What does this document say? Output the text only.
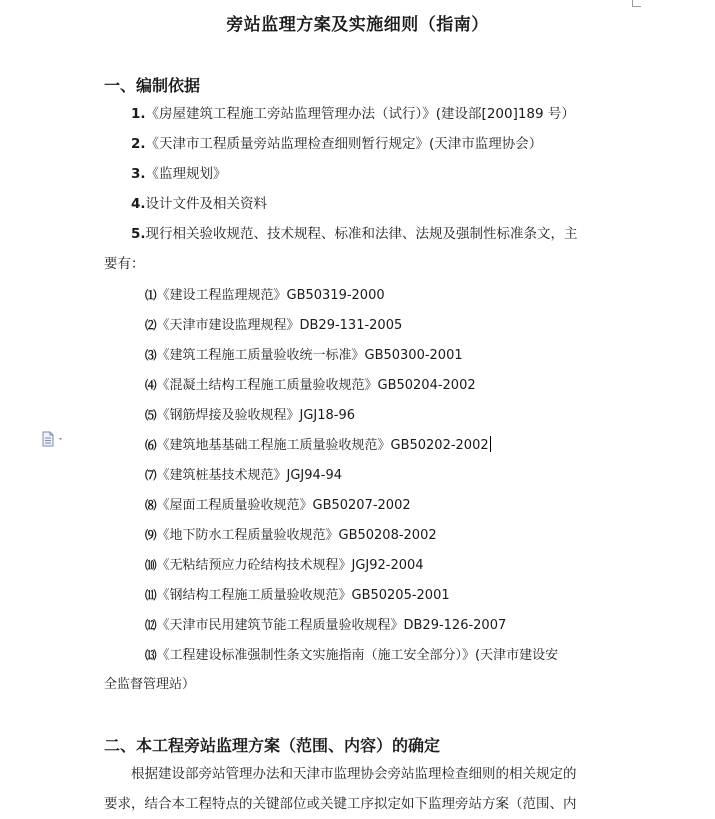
旁站监理方案及实施细则（指南）
一、编制依据
1.《房屋建筑工程施工旁站监理管理办法（试行）》(建设部[200]189 号）
2.《天津市工程质量旁站监理检查细则暂行规定》(天津市监理协会）
3.《监理规划》
4.设计文件及相关资料
5.现行相关验收规范、技术规程、标准和法律、法规及强制性标准条文，主
要有：
⑴《建设工程监理规范》GB50319-2000
⑵《天津市建设监理规程》DB29-131-2005
⑶《建筑工程施工质量验收统一标准》GB50300-2001
⑷《混凝土结构工程施工质量验收规范》GB50204-2002
⑸《钢筋焊接及验收规程》JGJ18-96
⑹《建筑地基基础工程施工质量验收规范》GB50202-2002
⑺《建筑桩基技术规范》JGJ94-94
⑻《屋面工程质量验收规范》GB50207-2002
⑼《地下防水工程质量验收规范》GB50208-2002
⑽《无粘结预应力砼结构技术规程》JGJ92-2004
⑾《钢结构工程施工质量验收规范》GB50205-2001
⑿《天津市民用建筑节能工程质量验收规程》DB29-126-2007
⒀《工程建设标准强制性条文实施指南（施工安全部分）》(天津市建设安
全监督管理站）
二、本工程旁站监理方案（范围、内容）的确定
根据建设部旁站管理办法和天津市监理协会旁站监理检查细则的相关规定的
要求，结合本工程特点的关键部位或关键工序拟定如下监理旁站方案（范围、内
